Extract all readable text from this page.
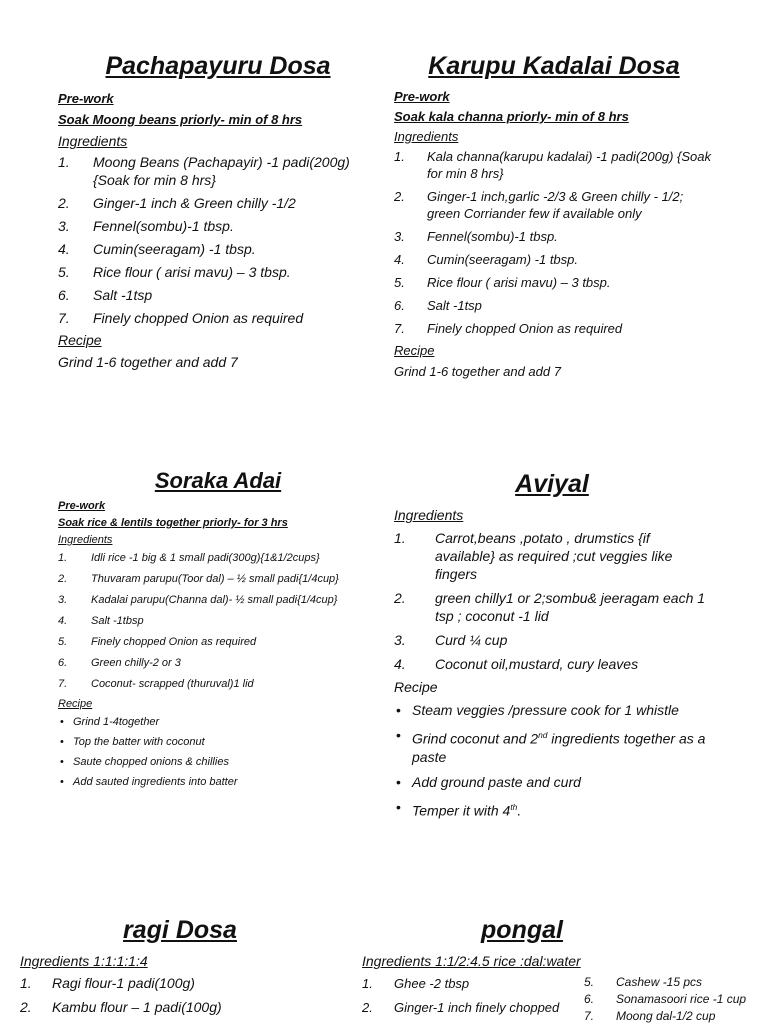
Pachapayuru Dosa

Pre-work

Soak Moong beans priorly- min of 8 hrs

Ingredients

1. Moong Beans (Pachapayir) -1 padi(200g) {Soak for min 8 hrs}
2. Ginger-1 inch & Green chilly -1/2
3. Fennel(sombu)-1 tbsp.
4. Cumin(seeragam) -1 tbsp.
5. Rice flour ( arisi mavu) – 3 tbsp.
6. Salt -1tsp
7. Finely chopped Onion as required

Recipe

Grind 1-6 together and add 7

Karupu Kadalai Dosa

Pre-work

Soak kala channa priorly- min of 8 hrs

Ingredients

1. Kala channa(karupu kadalai) -1 padi(200g) {Soak for min 8 hrs}
2. Ginger-1 inch,garlic -2/3 & Green chilly - 1/2; green Corriander few if available only
3. Fennel(sombu)-1 tbsp.
4. Cumin(seeragam) -1 tbsp.
5. Rice flour ( arisi mavu) – 3 tbsp.
6. Salt -1tsp
7. Finely chopped Onion as required

Recipe

Grind 1-6 together and add 7

Soraka Adai

Pre-work

Soak rice & lentils together priorly- for 3 hrs

Ingredients

1. Idli rice -1 big & 1 small padi(300g){1&1/2cups}
2. Thuvaram parupu(Toor dal) – ½ small padi{1/4cup}
3. Kadalai parupu(Channa dal)- ½ small padi{1/4cup}
4. Salt -1tbsp
5. Finely chopped Onion as required
6. Green chilly-2 or 3
7. Coconut- scrapped (thuruval)1 lid

Recipe

• Grind 1-4together
• Top the batter with coconut
• Saute chopped onions & chillies
• Add sauted ingredients into batter
Aviyal

Ingredients

1. Carrot,beans ,potato , drumstics {if available} as required ;cut veggies like fingers
2. green chilly1 or 2;sombu& jeeragam each 1 tsp ; coconut -1 lid
3. Curd ¼ cup
4. Coconut oil,mustard, cury leaves

Recipe

• Steam veggies /pressure cook for 1 whistle
• Grind coconut and 2nd ingredients together as a paste
• Add ground paste and curd
• Temper it with 4th.
ragi Dosa

Ingredients 1:1:1:1:4

1. Ragi flour-1 padi(100g)
2. Kambu flour – 1 padi(100g)
pongal

Ingredients 1:1/2:4.5 rice :dal:water

1. Ghee -2 tbsp
2. Ginger-1 inch finely chopped
5. Cashew -15 pcs
6. Sonamasoori rice -1 cup
7. Moong dal-1/2 cup
